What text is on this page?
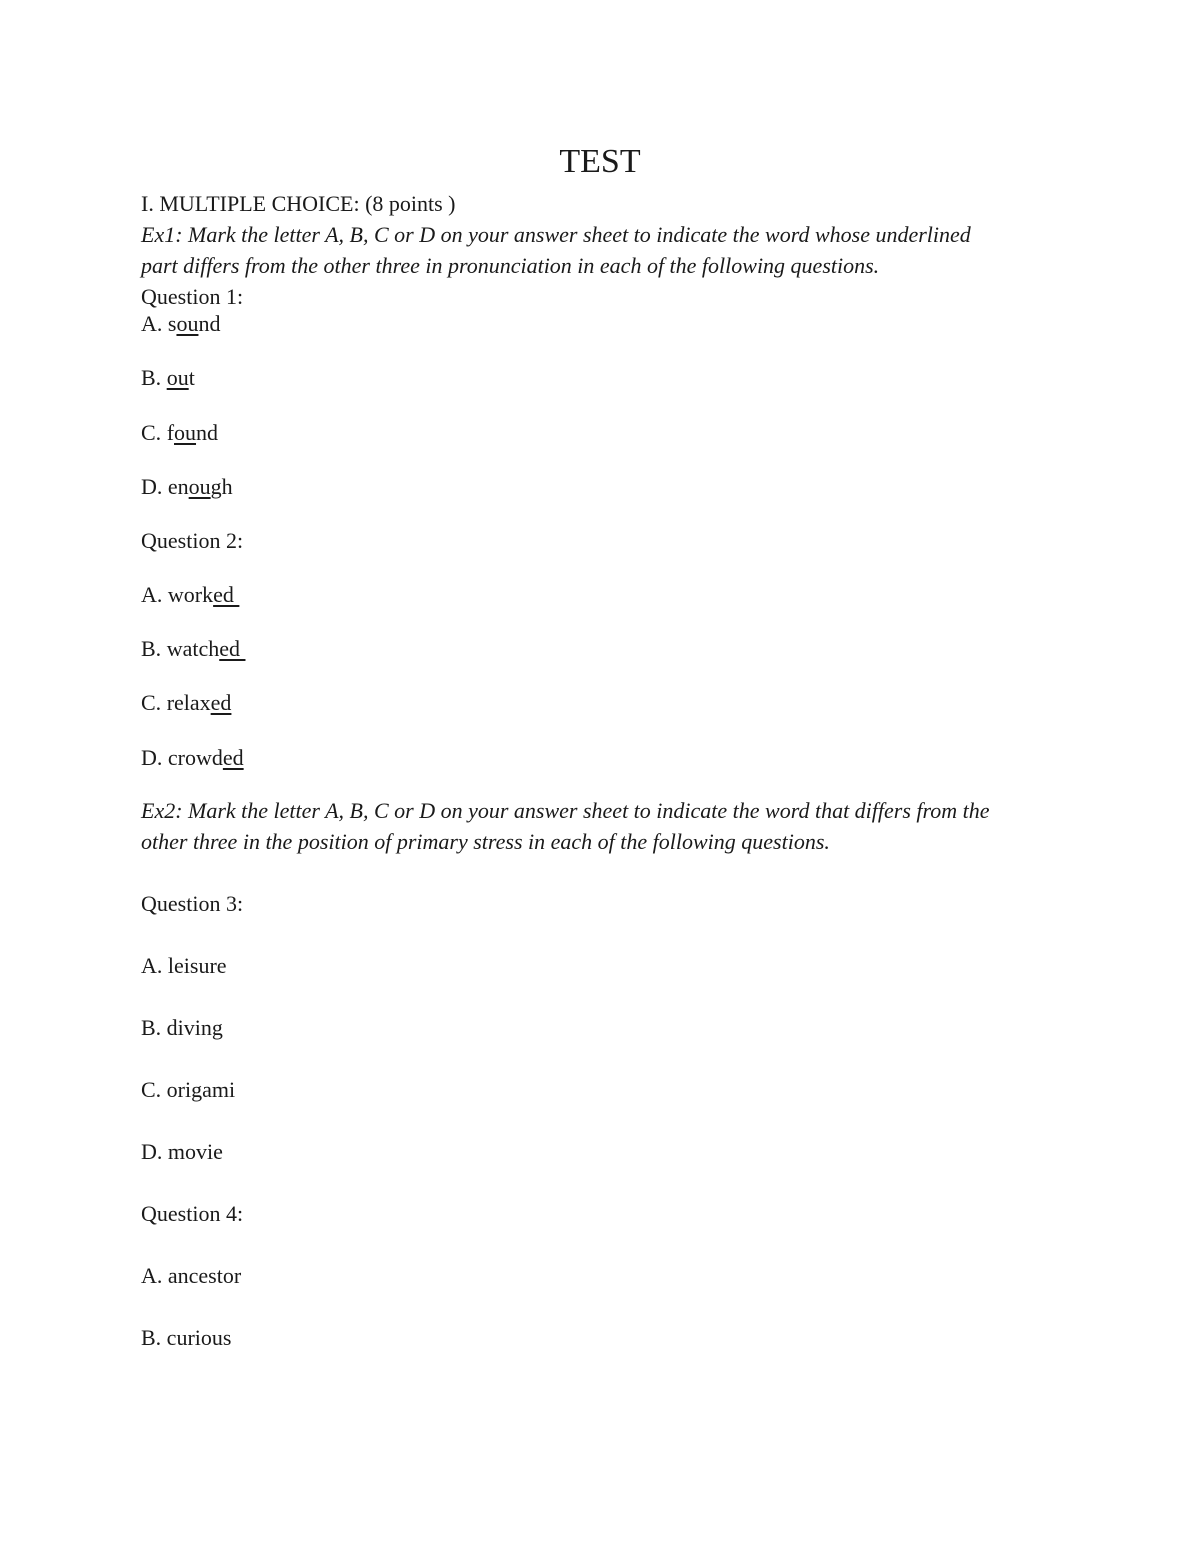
TEST
I. MULTIPLE CHOICE: (8 points )
Ex1: Mark the letter A, B, C or D on your answer sheet to indicate the word whose underlined
part differs from the other three in pronunciation in each of the following questions.
Question 1:
A. sound
B. out
C. found
D. enough
Question 2:
A. worked
B. watched
C. relaxed
D. crowded
Ex2: Mark the letter A, B, C or D on your answer sheet to indicate the word that differs from the
other three in the position of primary stress in each of the following questions.
Question 3:
A. leisure
B. diving
C. origami
D. movie
Question 4:
A. ancestor
B. curious
